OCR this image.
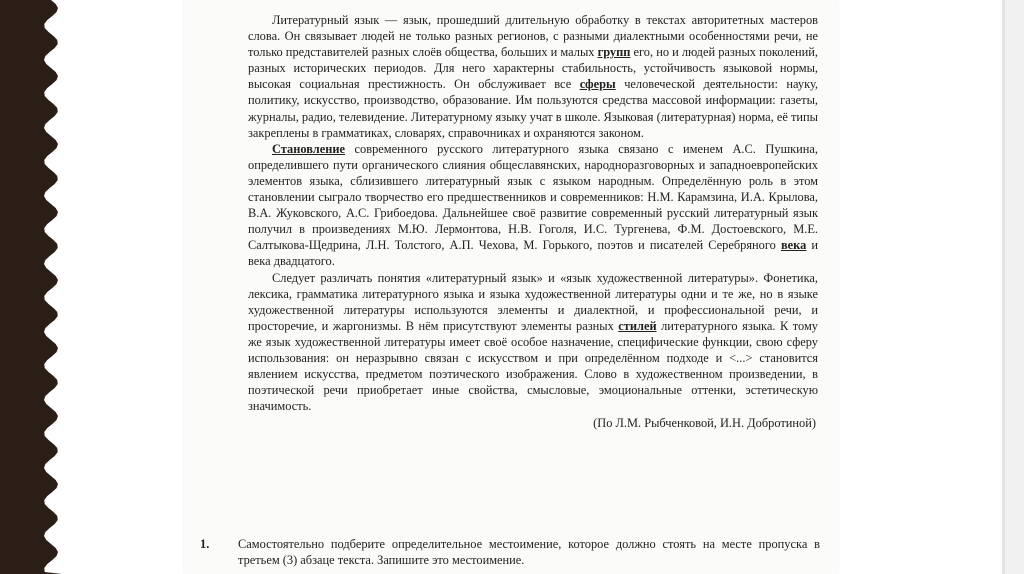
Литературный язык — язык, прошедший длительную обработку в текстах авторитетных мастеров слова. Он связывает людей не только разных регионов, с разными диалектными особенностями речи, не только представителей разных слоёв общества, больших и малых групп его, но и людей разных поколений, разных исторических периодов. Для него характерны стабильность, устойчивость языковой нормы, высокая социальная престижность. Он обслуживает все сферы человеческой деятельности: науку, политику, искусство, производство, образование. Им пользуются средства массовой информации: газеты, журналы, радио, телевидение. Литературному языку учат в школе. Языковая (литературная) норма, её типы закреплены в грамматиках, словарях, справочниках и охраняются законом.

Становление современного русского литературного языка связано с именем А.С. Пушкина, определившего пути органического слияния общеславянских, народноразговорных и западноевропейских элементов языка, сблизившего литературный язык с языком народным. Определённую роль в этом становлении сыграло творчество его предшественников и современников: Н.М. Карамзина, И.А. Крылова, В.А. Жуковского, А.С. Грибоедова. Дальнейшее своё развитие современный русский литературный язык получил в произведениях М.Ю. Лермонтова, Н.В. Гоголя, И.С. Тургенева, Ф.М. Достоевского, М.Е. Салтыкова-Щедрина, Л.Н. Толстого, А.П. Чехова, М. Горького, поэтов и писателей Серебряного века и века двадцатого.

Следует различать понятия «литературный язык» и «язык художественной литературы». Фонетика, лексика, грамматика литературного языка и языка художественной литературы одни и те же, но в языке художественной литературы используются элементы и диалектной, и профессиональной речи, и просторечие, и жаргонизмы. В нём присутствуют элементы разных стилей литературного языка. К тому же язык художественной литературы имеет своё особое назначение, специфические функции, свою сферу использования: он неразрывно связан с искусством и при определённом подходе и <...> становится явлением искусства, предметом поэтического изображения. Слово в художественном произведении, в поэтической речи приобретает иные свойства, смысловые, эмоциональные оттенки, эстетическую значимость.

(По Л.М. Рыбченковой, И.Н. Добротиной)
1. Самостоятельно подберите определительное местоимение, которое должно стоять на месте пропуска в третьем (3) абзаце текста. Запишите это местоимение.
